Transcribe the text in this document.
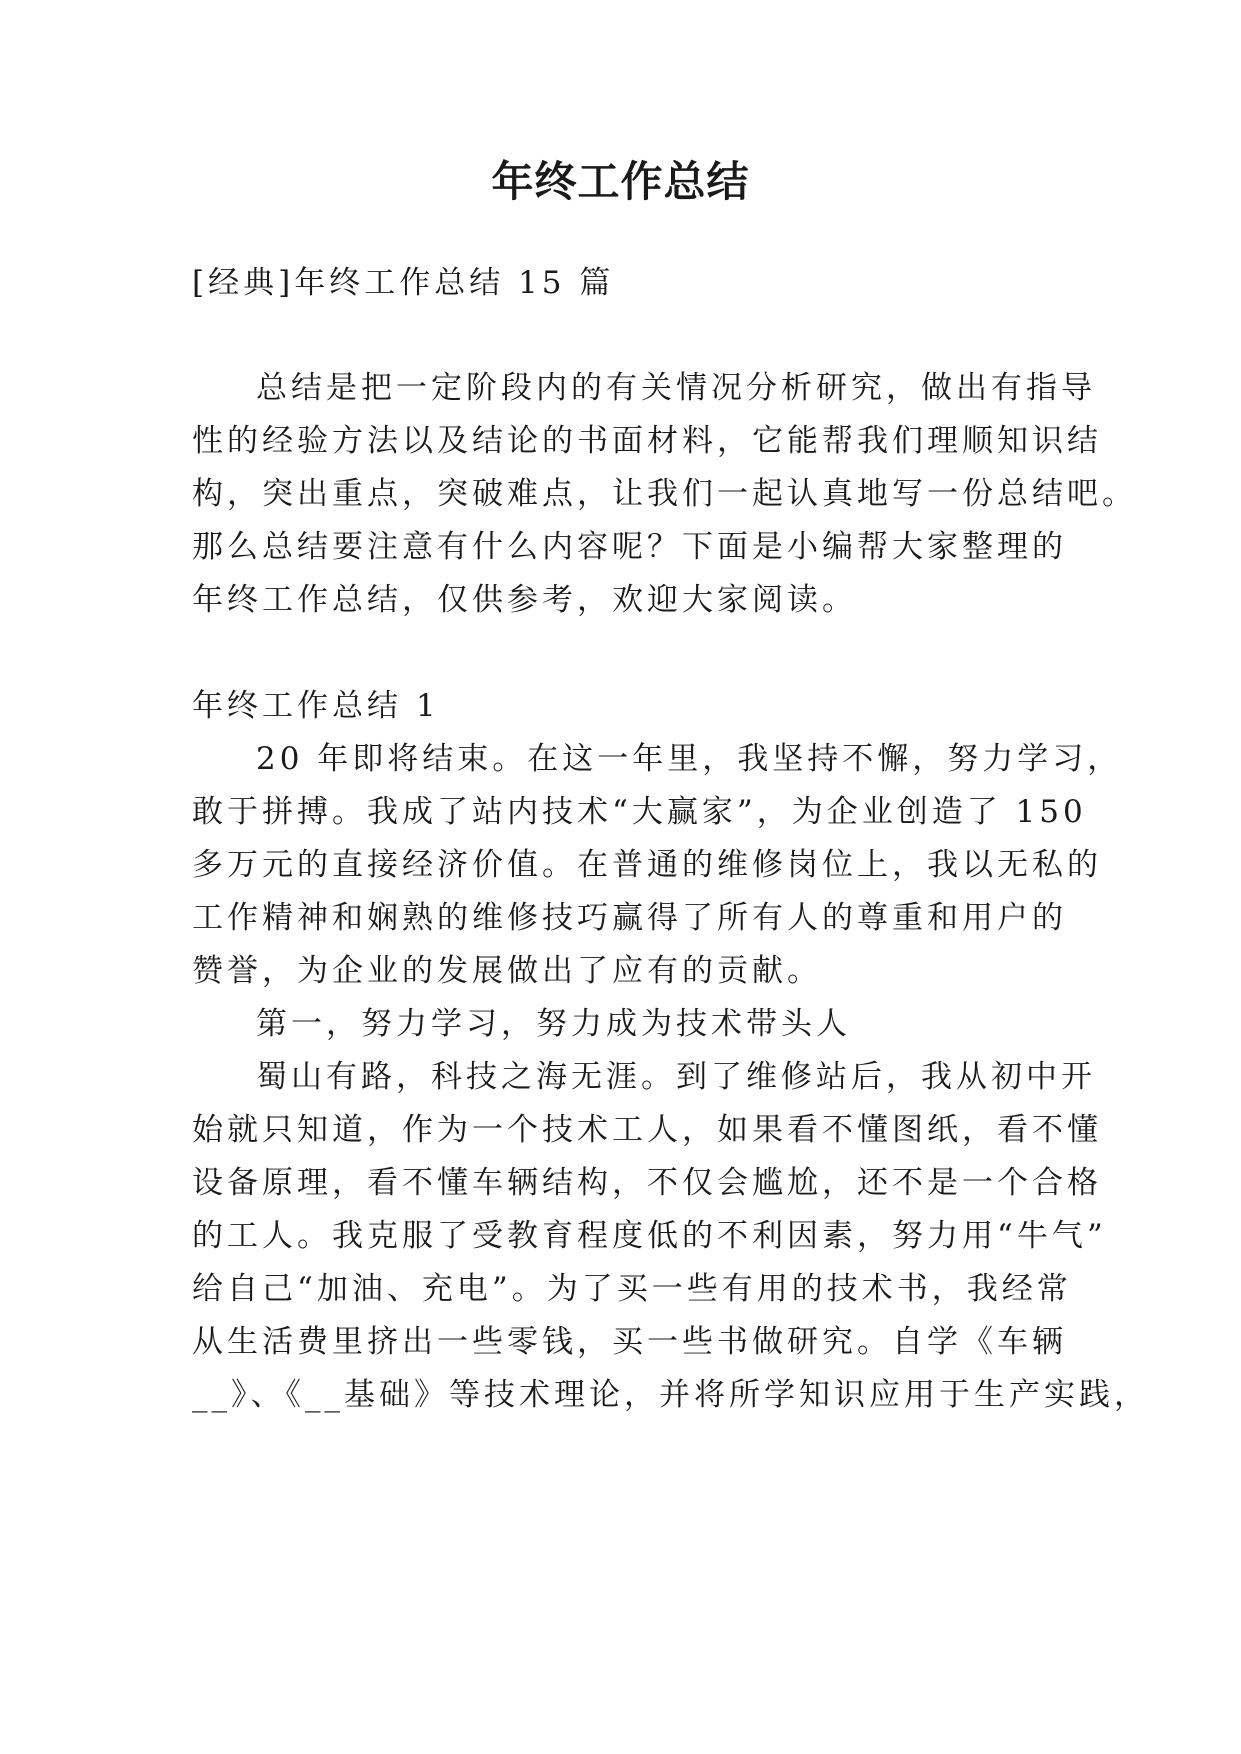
年终工作总结

[经典]年终工作总结 15 篇

总结是把一定阶段内的有关情况分析研究，做出有指导

性的经验方法以及结论的书面材料，它能帮我们理顺知识结

构，突出重点，突破难点，让我们一起认真地写一份总结吧。

那么总结要注意有什么内容呢？下面是小编帮大家整理的

年终工作总结，仅供参考，欢迎大家阅读。

年终工作总结 1

20 年即将结束。在这一年里，我坚持不懈，努力学习，

敢于拼搏。我成了站内技术“大赢家”，为企业创造了 150

多万元的直接经济价值。在普通的维修岗位上，我以无私的

工作精神和娴熟的维修技巧赢得了所有人的尊重和用户的

赞誉，为企业的发展做出了应有的贡献。

第一，努力学习，努力成为技术带头人

蜀山有路，科技之海无涯。到了维修站后，我从初中开

始就只知道，作为一个技术工人，如果看不懂图纸，看不懂

设备原理，看不懂车辆结构，不仅会尴尬，还不是一个合格

的工人。我克服了受教育程度低的不利因素，努力用“牛气”

给自己“加油、充电”。为了买一些有用的技术书，我经常

从生活费里挤出一些零钱，买一些书做研究。自学《车辆

__》、《__基础》等技术理论，并将所学知识应用于生产实践，
